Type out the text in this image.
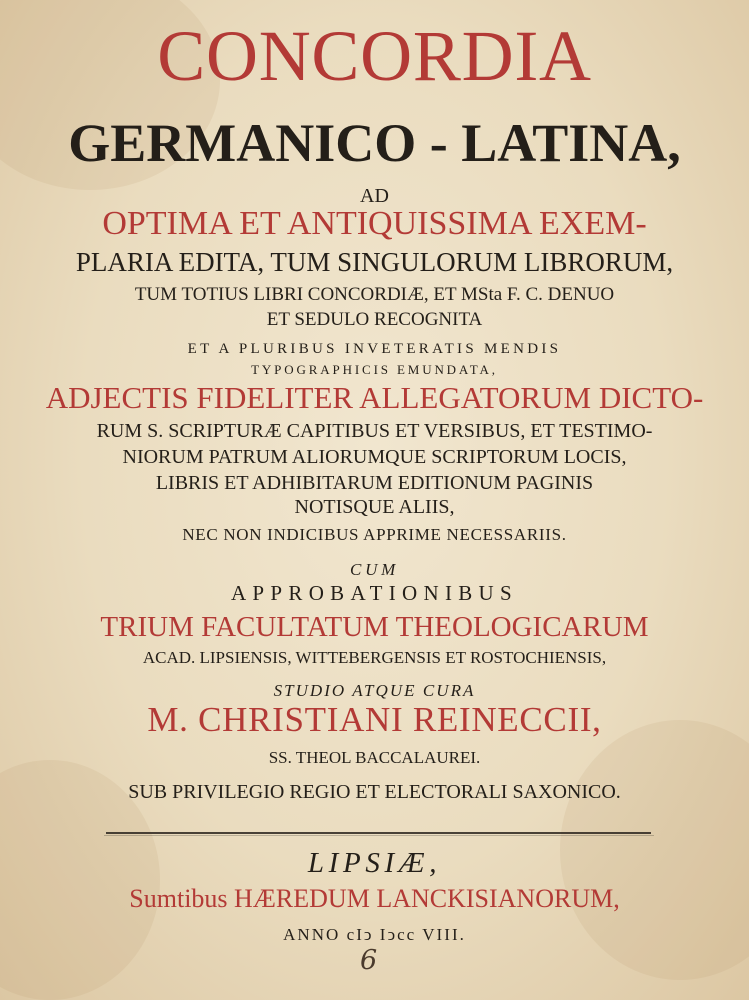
CONCORDIA
GERMANICO - LATINA,
AD
OPTIMA ET ANTIQUISSIMA EXEM-
PLARIA EDITA, TUM SINGULORUM LIBRORUM,
TUM TOTIUS LIBRI CONCORDIÆ, ET MSta F. C. DENUO
ET SEDULO RECOGNITA
ET A PLURIBUS INVETERATIS MENDIS
TYPOGRAPHICIS EMUNDATA,
ADJECTIS FIDELITER ALLEGATORUM DICTO-
RUM S. SCRIPTURÆ CAPITIBUS ET VERSIBUS, ET TESTIMO-
NIORUM PATRUM ALIORUMQUE SCRIPTORUM LOCIS,
LIBRIS ET ADHIBITARUM EDITIONUM PAGINIS
NOTISQUE ALIIS,
NEC NON INDICIBUS APPRIME NECESSARIIS.
CUM
APPROBATIONIBUS
TRIUM FACULTATUM THEOLOGICARUM
ACAD. LIPSIENSIS, WITTEBERGENSIS ET ROSTOCHIENSIS,
STUDIO ATQUE CURA
M. CHRISTIANI REINECCII,
SS. THEOL BACCALAUREI.
SUB PRIVILEGIO REGIO ET ELECTORALI SAXONICO.
LIPSIÆ,
Sumtibus HÆREDUM LANCKISIANORUM,
ANNO cIↄ Iↄcc VIII.
6
